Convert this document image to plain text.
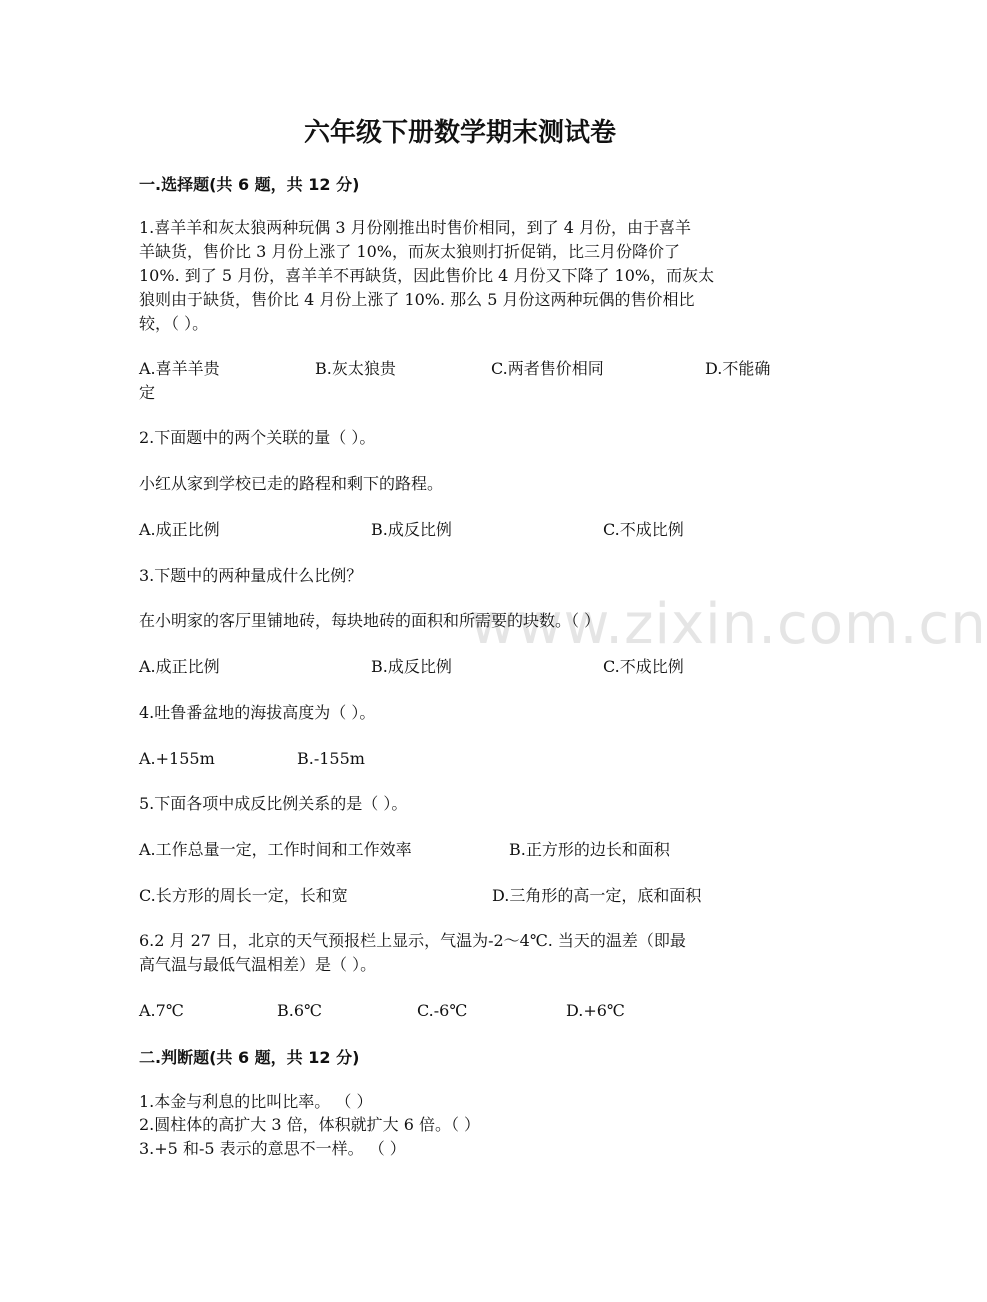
www.zixin.com.cn
六年级下册数学期末测试卷
一.选择题(共 6 题，共 12 分)
1.喜羊羊和灰太狼两种玩偶 3 月份刚推出时售价相同，到了 4 月份，由于喜羊
羊缺货，售价比 3 月份上涨了 10%，而灰太狼则打折促销，比三月份降价了
10%. 到了 5 月份，喜羊羊不再缺货，因此售价比 4 月份又下降了 10%，而灰太
狼则由于缺货，售价比 4 月份上涨了 10%. 那么 5 月份这两种玩偶的售价相比
较，（ ）。
A.喜羊羊贵	B.灰太狼贵	C.两者售价相同	D.不能确
定
2.下面题中的两个关联的量（ ）。
小红从家到学校已走的路程和剩下的路程。
A.成正比例	B.成反比例	C.不成比例
3.下题中的两种量成什么比例？
在小明家的客厅里铺地砖，每块地砖的面积和所需要的块数。（ ）
A.成正比例	B.成反比例	C.不成比例
4.吐鲁番盆地的海拔高度为（ ）。
A.+155m	B.-155m
5.下面各项中成反比例关系的是（ ）。
A.工作总量一定，工作时间和工作效率	B.正方形的边长和面积
C.长方形的周长一定，长和宽	D.三角形的高一定，底和面积
6.2 月 27 日，北京的天气预报栏上显示，气温为-2～4℃. 当天的温差（即最
高气温与最低气温相差）是（ ）。
A.7℃	B.6℃	C.-6℃	D.+6℃
二.判断题(共 6 题，共 12 分)
1.本金与利息的比叫比率。 （ ）
2.圆柱体的高扩大 3 倍，体积就扩大 6 倍。（ ）
3.+5 和-5 表示的意思不一样。 （ ）
